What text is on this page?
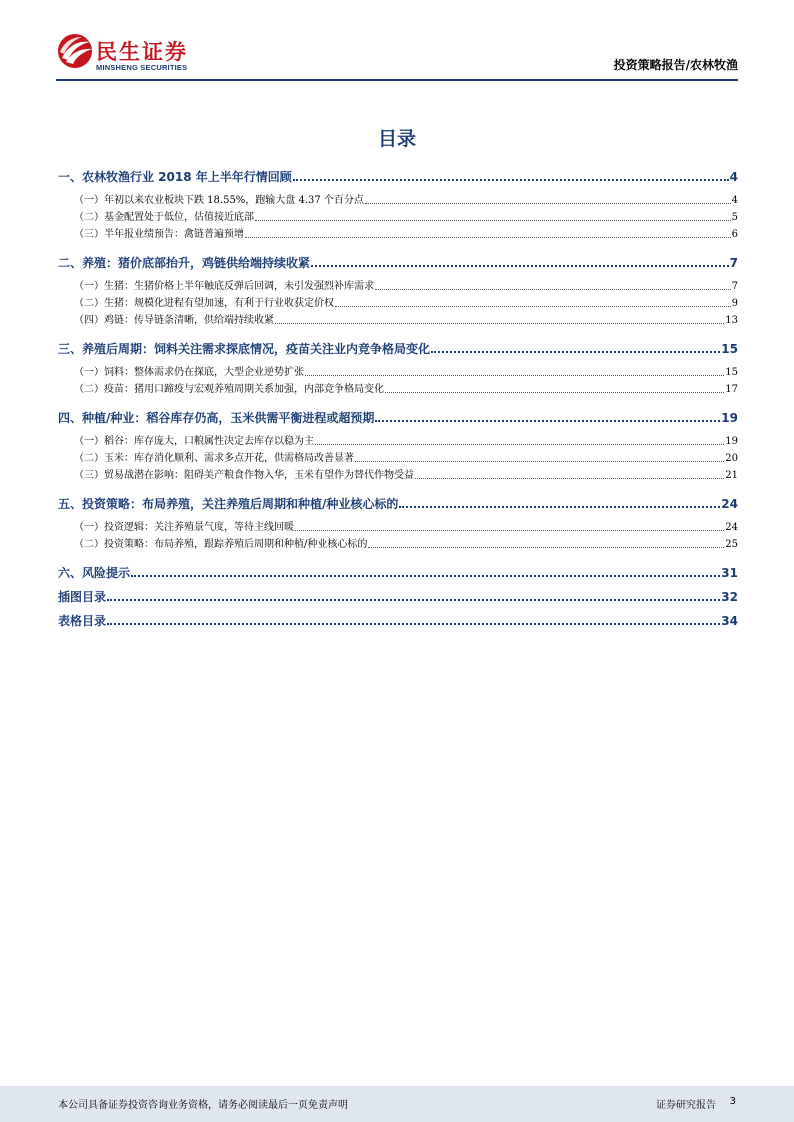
民生证券
MINSHENG SECURITIES	投资策略报告/农林牧渔
目录
一、农林牧渔行业 2018 年上半年行情回顾	4
（一）年初以来农业板块下跌 18.55%，跑输大盘 4.37 个百分点	4
（二）基金配置处于低位，估值接近底部	5
（三）半年报业绩预告：禽链普遍预增	6
二、养殖：猪价底部抬升，鸡链供给端持续收紧	7
（一）生猪：生猪价格上半年触底反弹后回调，未引发强烈补库需求	7
（二）生猪：规模化进程有望加速，有利于行业收获定价权	9
（四）鸡链：传导链条清晰，供给端持续收紧	13
三、养殖后周期：饲料关注需求探底情况，疫苗关注业内竞争格局变化	15
（一）饲料：整体需求仍在探底，大型企业逆势扩张	15
（二）疫苗：猪用口蹄疫与宏观养殖周期关系加强，内部竞争格局变化	17
四、种植/种业：稻谷库存仍高，玉米供需平衡进程或超预期	19
（一）稻谷：库存庞大，口粮属性决定去库存以稳为主	19
（二）玉米：库存消化顺利、需求多点开花，供需格局改善显著	20
（三）贸易战潜在影响：阻碍美产粮食作物入华，玉米有望作为替代作物受益	21
五、投资策略：布局养殖，关注养殖后周期和种植/种业核心标的	24
（一）投资逻辑：关注养殖景气度，等待主线回暖	24
（二）投资策略：布局养殖，跟踪养殖后周期和种植/种业核心标的	25
六、风险提示	31
插图目录	32
表格目录	34
本公司具备证券投资咨询业务资格，请务必阅读最后一页免责声明	证券研究报告 3
